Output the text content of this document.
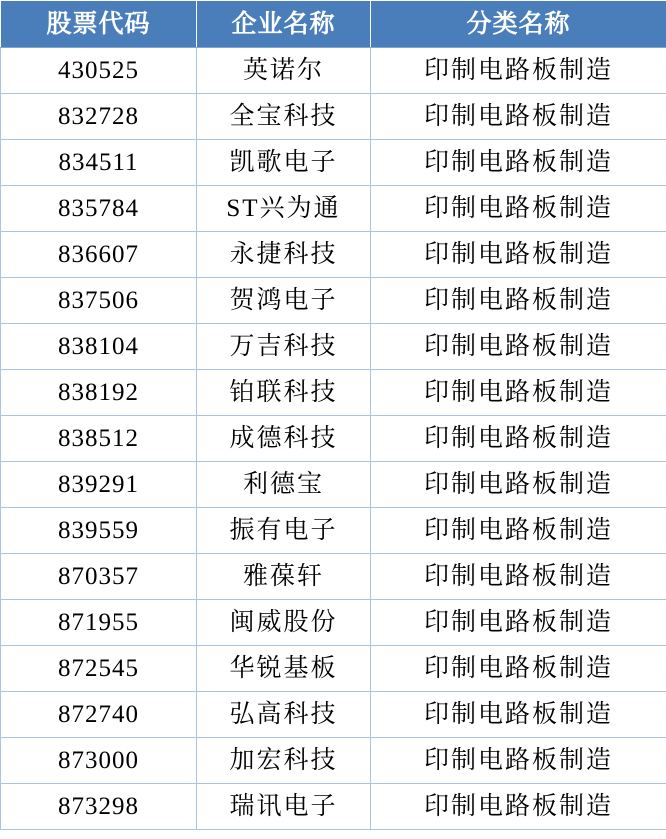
股票代码	企业名称	分类名称
430525	英诺尔	印制电路板制造
832728	全宝科技	印制电路板制造
834511	凯歌电子	印制电路板制造
835784	ST兴为通	印制电路板制造
836607	永捷科技	印制电路板制造
837506	贺鸿电子	印制电路板制造
838104	万吉科技	印制电路板制造
838192	铂联科技	印制电路板制造
838512	成德科技	印制电路板制造
839291	利德宝	印制电路板制造
839559	振有电子	印制电路板制造
870357	雅葆轩	印制电路板制造
871955	闽威股份	印制电路板制造
872545	华锐基板	印制电路板制造
872740	弘高科技	印制电路板制造
873000	加宏科技	印制电路板制造
873298	瑞讯电子	印制电路板制造
